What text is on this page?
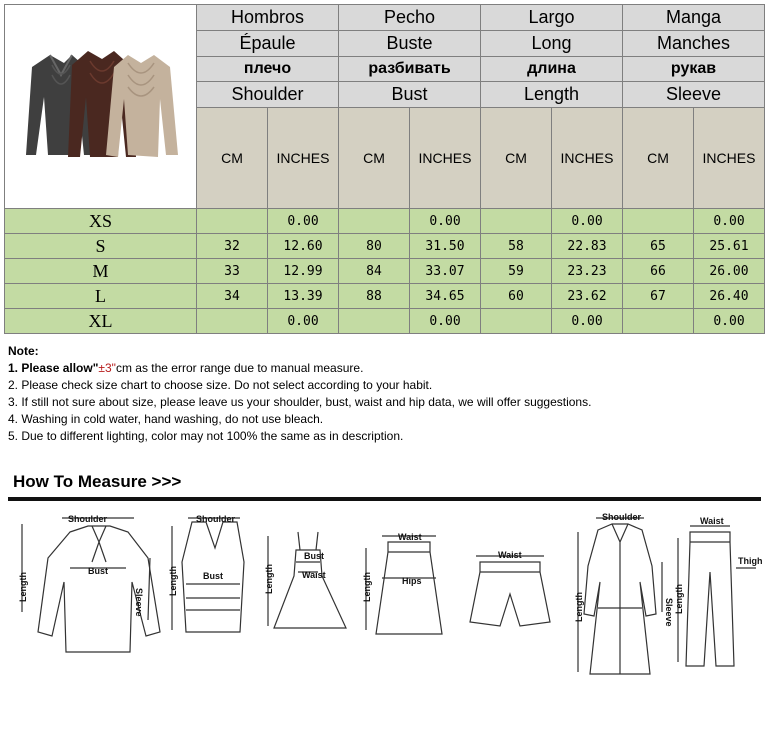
	Hombros		Pecho		Largo		Manga	
	Épaule		Buste		Long		Manches	
	плечо		разбивать		длина		рукав	
	Shoulder		Bust		Length		Sleeve	
	CM	INCHES	CM	INCHES	CM	INCHES	CM	INCHES
XS		0.00		0.00		0.00		0.00
S	32	12.60	80	31.50	58	22.83	65	25.61
M	33	12.99	84	33.07	59	23.23	66	26.00
L	34	13.39	88	34.65	60	23.62	67	26.40
XL		0.00		0.00		0.00		0.00
Note:
1. Please allow"±3"cm as the error range due to manual measure.
2. Please check size chart to choose size. Do not select according to your habit.
3. If still not sure about size, please leave us your shoulder, bust, waist and hip data, we will offer suggestions.
4. Washing in cold water, hand washing, do not use bleach.
5. Due to different lighting, color may not 100% the same as in description.
How To Measure >>>
Shoulder
Bust
Sleeve
Length
Shoulder
Bust
Length
Bust
Waist
Length
Waist
Hips
Length
Waist
Shoulder
Length	Sleeve
Waist
Thigh
Length
